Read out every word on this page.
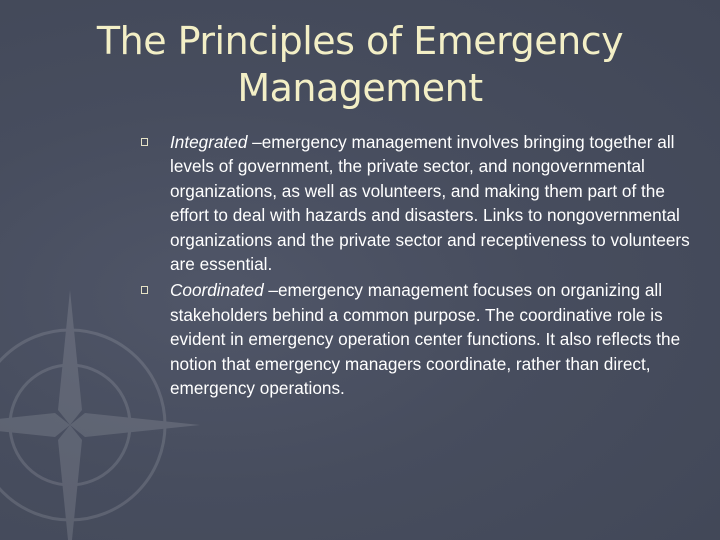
The Principles of Emergency
Management
Integrated –emergency management involves bringing together all levels of government, the private sector, and nongovernmental organizations, as well as volunteers, and making them part of the effort to deal with hazards and disasters. Links to nongovernmental organizations and the private sector and receptiveness to volunteers are essential.
Coordinated –emergency management focuses on organizing all stakeholders behind a common purpose. The coordinative role is evident in emergency operation center functions. It also reflects the notion that emergency managers coordinate, rather than direct, emergency operations.
